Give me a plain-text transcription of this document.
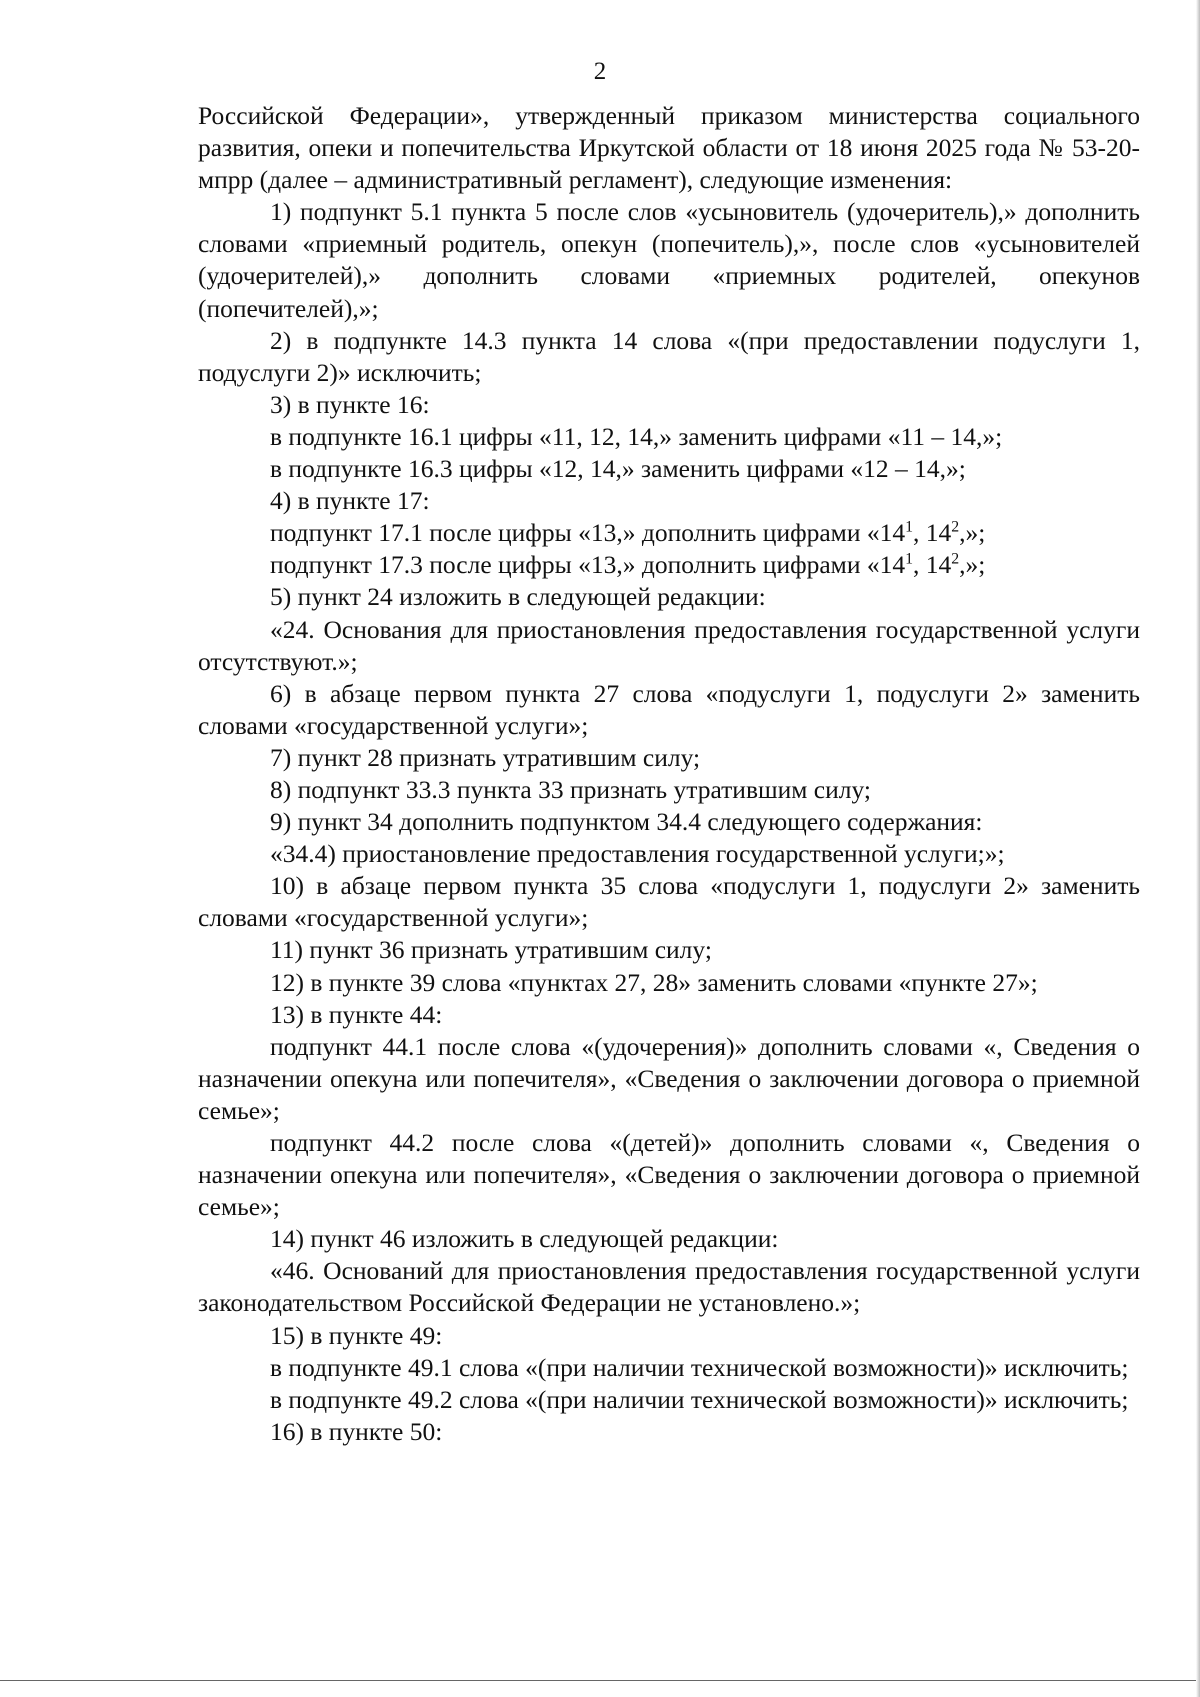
2

Российской Федерации», утвержденный приказом министерства социального развития, опеки и попечительства Иркутской области от 18 июня 2025 года № 53-20-мпрр (далее – административный регламент), следующие изменения:

1) подпункт 5.1 пункта 5 после слов «усыновитель (удочеритель),» дополнить словами «приемный родитель, опекун (попечитель),», после слов «усыновителей (удочерителей),» дополнить словами «приемных родителей, опекунов (попечителей),»;

2) в подпункте 14.3 пункта 14 слова «(при предоставлении подуслуги 1, подуслуги 2)» исключить;

3) в пункте 16:

в подпункте 16.1 цифры «11, 12, 14,» заменить цифрами «11 – 14,»;

в подпункте 16.3 цифры «12, 14,» заменить цифрами «12 – 14,»;

4) в пункте 17:

подпункт 17.1 после цифры «13,» дополнить цифрами «$14^1$, $14^2$,»;

подпункт 17.3 после цифры «13,» дополнить цифрами «$14^1$, $14^2$,»;

5) пункт 24 изложить в следующей редакции:

«24. Основания для приостановления предоставления государственной услуги отсутствуют.»;

6) в абзаце первом пункта 27 слова «подуслуги 1, подуслуги 2» заменить словами «государственной услуги»;

7) пункт 28 признать утратившим силу;

8) подпункт 33.3 пункта 33 признать утратившим силу;

9) пункт 34 дополнить подпунктом 34.4 следующего содержания:

«34.4) приостановление предоставления государственной услуги;»;

10) в абзаце первом пункта 35 слова «подуслуги 1, подуслуги 2» заменить словами «государственной услуги»;

11) пункт 36 признать утратившим силу;

12) в пункте 39 слова «пунктах 27, 28» заменить словами «пункте 27»;

13) в пункте 44:

подпункт 44.1 после слова «(удочерения)» дополнить словами «, Сведения о назначении опекуна или попечителя», «Сведения о заключении договора о приемной семье»;

подпункт 44.2 после слова «(детей)» дополнить словами «, Сведения о назначении опекуна или попечителя», «Сведения о заключении договора о приемной семье»;

14) пункт 46 изложить в следующей редакции:

«46. Оснований для приостановления предоставления государственной услуги законодательством Российской Федерации не установлено.»;

15) в пункте 49:

в подпункте 49.1 слова «(при наличии технической возможности)» исключить;

в подпункте 49.2 слова «(при наличии технической возможности)» исключить;

16) в пункте 50:
